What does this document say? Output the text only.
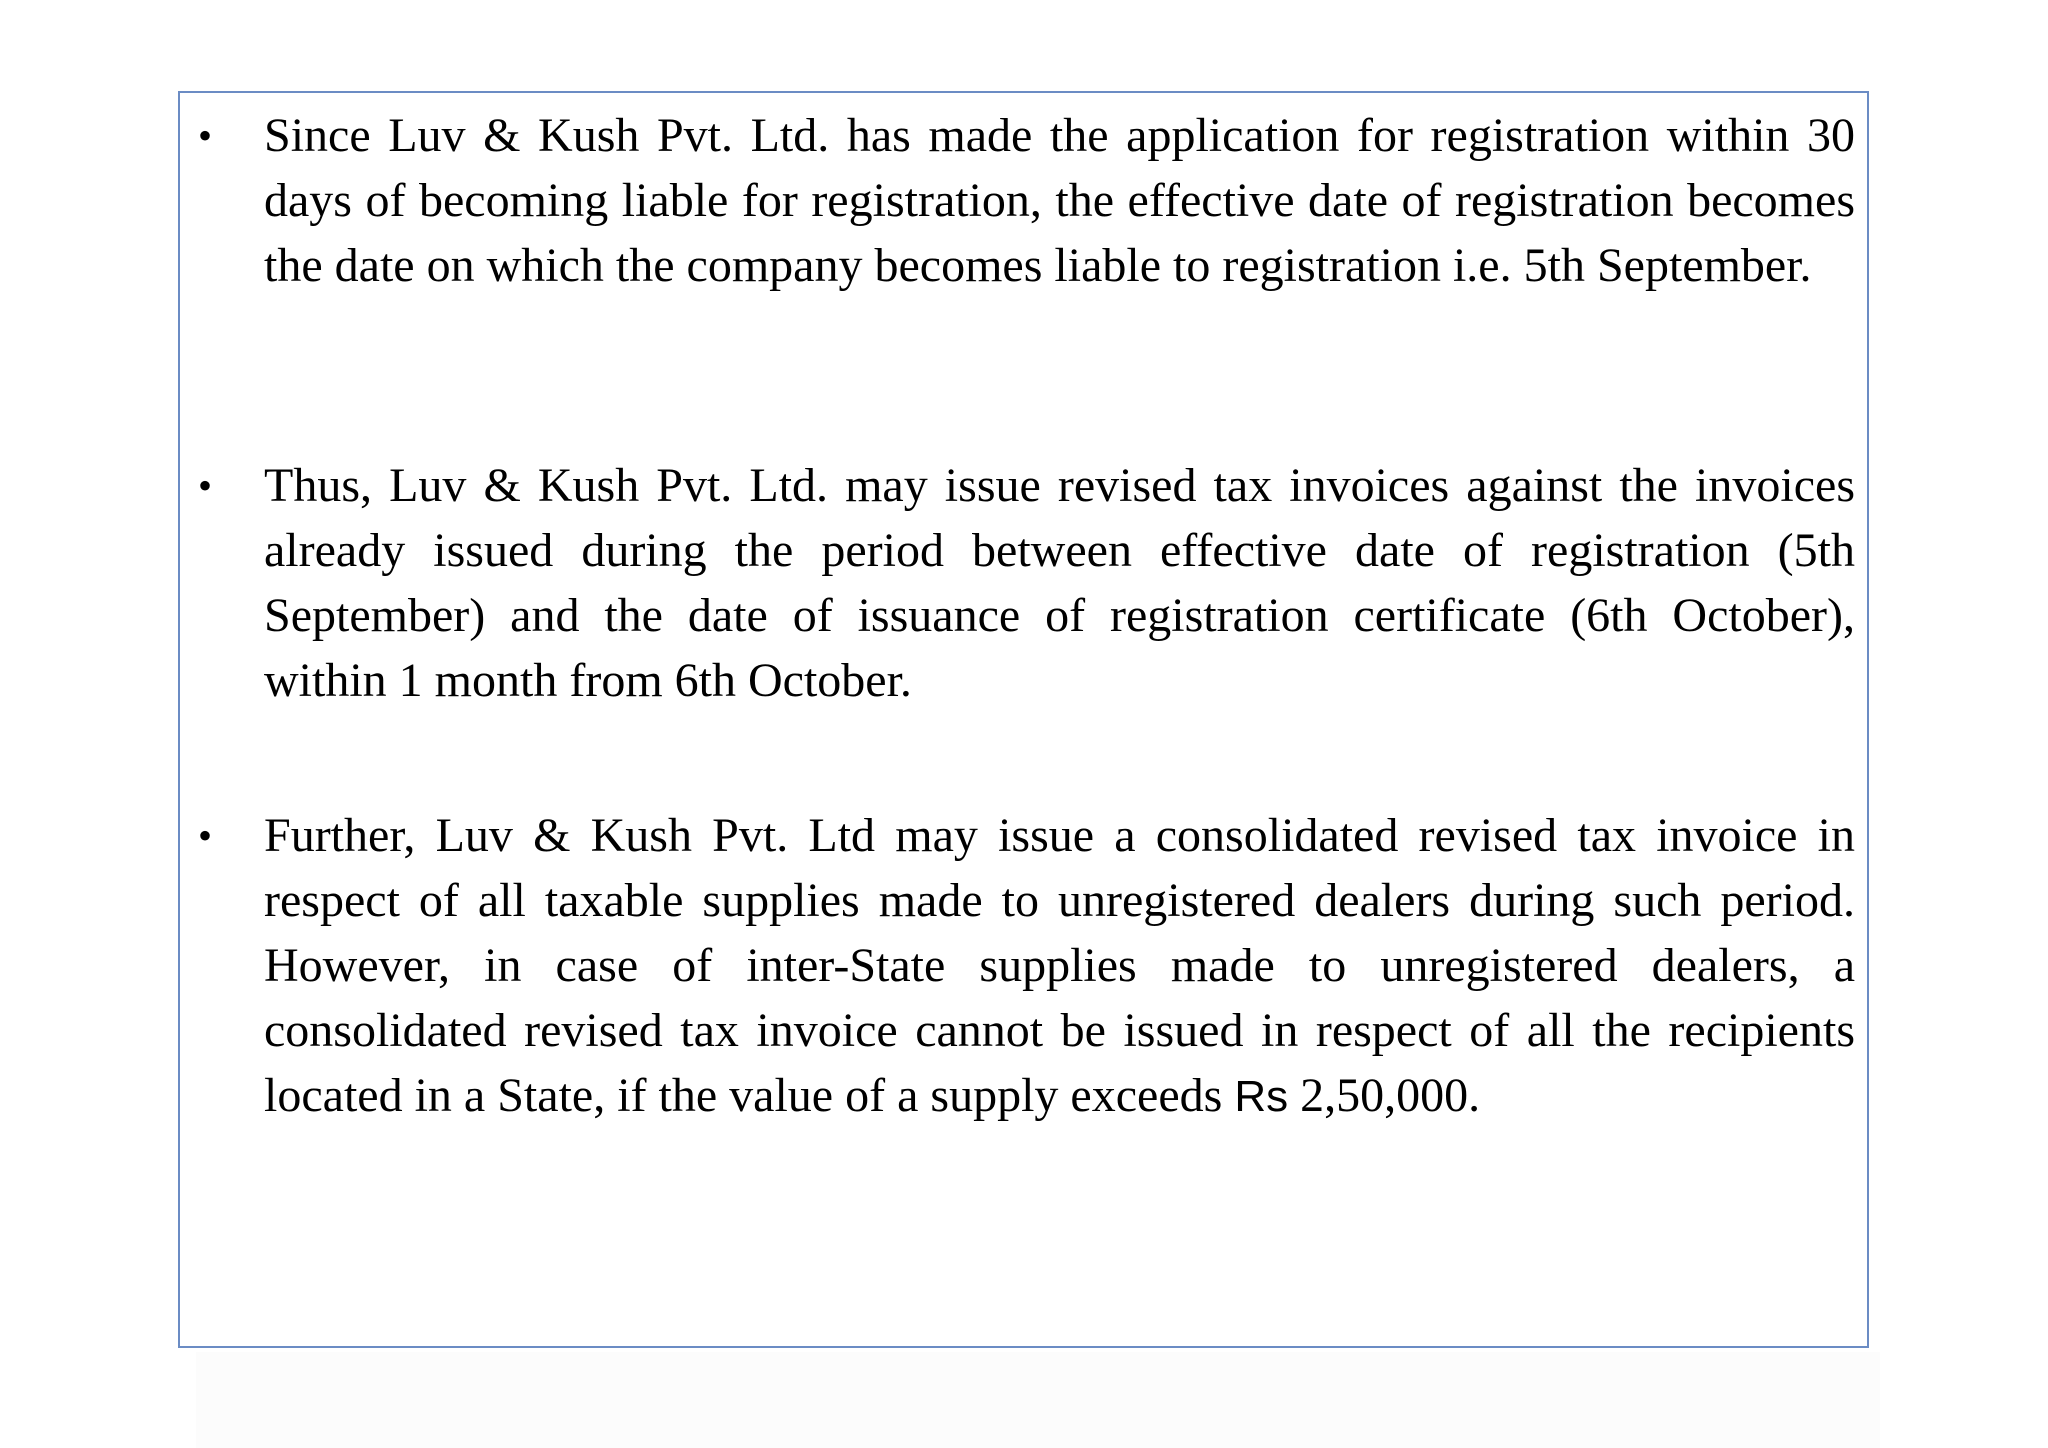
• Since Luv & Kush Pvt. Ltd. has made the application for registration within 30 days of becoming liable for registration, the effective date of registration becomes the date on which the company becomes liable to registration i.e. 5th September.
• Thus, Luv & Kush Pvt. Ltd. may issue revised tax invoices against the invoices already issued during the period between effective date of registration (5th September) and the date of issuance of registration certificate (6th October), within 1 month from 6th October.
• Further, Luv & Kush Pvt. Ltd may issue a consolidated revised tax invoice in respect of all taxable supplies made to unregistered dealers during such period. However, in case of inter-State supplies made to unregistered dealers, a consolidated revised tax invoice cannot be issued in respect of all the recipients located in a State, if the value of a supply exceeds Rs 2,50,000.
